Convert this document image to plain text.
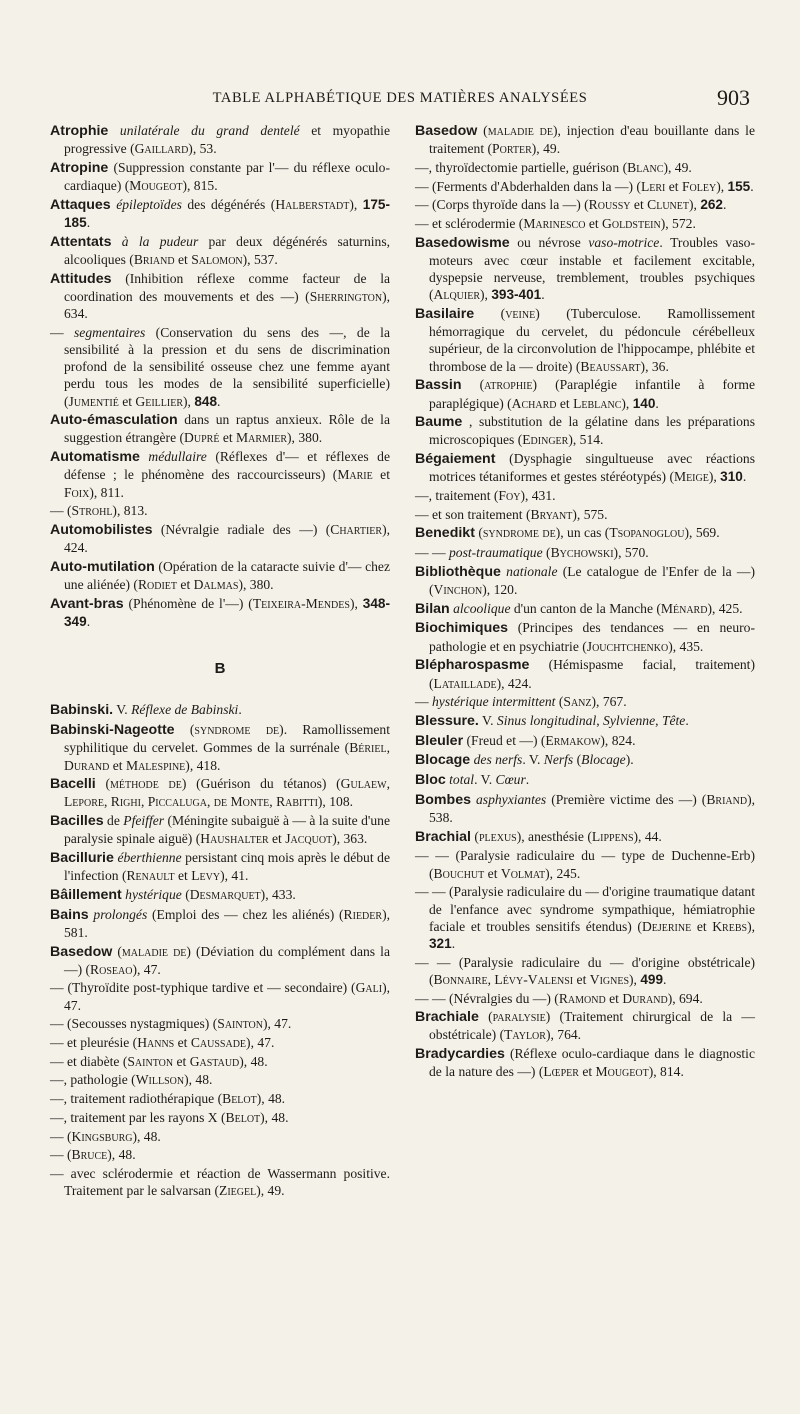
TABLE ALPHABÉTIQUE DES MATIÈRES ANALYSÉES	903

Atrophie unilatérale du grand dentelé et myopathie progressive (Gaillard), 53.

Atropine (Suppression constante par l'— du réflexe oculo-cardiaque) (Mougeot), 815.

Attaques épileptoïdes des dégénérés (Halberstadt), 175-185.

Attentats à la pudeur par deux dégénérés saturnins, alcooliques (Briand et Salomon), 537.

Attitudes (Inhibition réflexe comme facteur de la coordination des mouvements et des —) (Sherrington), 634.

— segmentaires (Conservation du sens des —, de la sensibilité à la pression et du sens de discrimination profond de la sensibilité osseuse chez une femme ayant perdu tous les modes de la sensibilité superficielle) (Jumentié et Geillier), 848.

Auto-émasculation dans un raptus anxieux. Rôle de la suggestion étrangère (Dupré et Marmier), 380.

Automatisme médullaire (Réflexes d'— et réflexes de défense ; le phénomène des raccourcisseurs) (Marie et Foix), 811.

— (Strohl), 813.

Automobilistes (Névralgie radiale des —) (Chartier), 424.

Auto-mutilation (Opération de la cataracte suivie d'— chez une aliénée) (Rodiet et Dalmas), 380.

Avant-bras (Phénomène de l'—) (Teixeira-Mendes), 348-349.

B

Babinski. V. Réflexe de Babinski.

Babinski-Nageotte (syndrome de). Ramollissement syphilitique du cervelet. Gommes de la surrénale (Bériel, Durand et Malespine), 418.

Bacelli (méthode de) (Guérison du tétanos) (Gulaew, Lepore, Righi, Piccaluga, de Monte, Rabitti), 108.

Bacilles de Pfeiffer (Méningite subaiguë à — à la suite d'une paralysie spinale aiguë) (Haushalter et Jacquot), 363.

Bacillurie éberthienne persistant cinq mois après le début de l'infection (Renault et Levy), 41.

Bâillement hystérique (Desmarquet), 433.

Bains prolongés (Emploi des — chez les aliénés) (Rieder), 581.

Basedow (maladie de) (Déviation du complément dans la —) (Roseao), 47.

— (Thyroïdite post-typhique tardive et — secondaire) (Gali), 47.

— (Secousses nystagmiques) (Sainton), 47.

— et pleurésie (Hanns et Caussade), 47.

— et diabète (Sainton et Gastaud), 48.

—, pathologie (Willson), 48.

—, traitement radiothérapique (Belot), 48.

—, traitement par les rayons X (Belot), 48.

— (Kingsburg), 48.

— (Bruce), 48.

— avec sclérodermie et réaction de Wassermann positive. Traitement par le salvarsan (Ziegel), 49.

Basedow (maladie de), injection d'eau bouillante dans le traitement (Porter), 49.

—, thyroïdectomie partielle, guérison (Blanc), 49.

— (Ferments d'Abderhalden dans la —) (Leri et Foley), 155.

— (Corps thyroïde dans la —) (Roussy et Clunet), 262.

— et sclérodermie (Marinesco et Goldstein), 572.

Basedowisme ou névrose vaso-motrice. Troubles vaso-moteurs avec cœur instable et facilement excitable, dyspepsie nerveuse, tremblement, troubles psychiques (Alquier), 393-401.

Basilaire (veine) (Tuberculose. Ramollissement hémorragique du cervelet, du pédoncule cérébelleux supérieur, de la circonvolution de l'hippocampe, phlébite et thrombose de la — droite) (Beaussart), 36.

Bassin (atrophie) (Paraplégie infantile à forme paraplégique) (Achard et Leblanc), 140.

Baume , substitution de la gélatine dans les préparations microscopiques (Edinger), 514.

Bégaiement (Dysphagie singultueuse avec réactions motrices tétaniformes et gestes stéréotypés) (Meige), 310.

—, traitement (Foy), 431.

— et son traitement (Bryant), 575.

Benedikt (syndrome de), un cas (Tsopanoglou), 569.

— — post-traumatique (Bychowski), 570.

Bibliothèque nationale (Le catalogue de l'Enfer de la —) (Vinchon), 120.

Bilan alcoolique d'un canton de la Manche (Ménard), 425.

Biochimiques (Principes des tendances — en neuro-pathologie et en psychiatrie (Jouchtchenko), 435.

Blépharospasme (Hémispasme facial, traitement) (Lataillade), 424.

— hystérique intermittent (Sanz), 767.

Blessure. V. Sinus longitudinal, Sylvienne, Tête.

Bleuler (Freud et —) (Ermakow), 824.

Blocage des nerfs. V. Nerfs (Blocage).

Bloc total. V. Cœur.

Bombes asphyxiantes (Première victime des —) (Briand), 538.

Brachial (plexus), anesthésie (Lippens), 44.

— — (Paralysie radiculaire du — type de Duchenne-Erb) (Bouchut et Volmat), 245.

— — (Paralysie radiculaire du — d'origine traumatique datant de l'enfance avec syndrome sympathique, hémiatrophie faciale et troubles sensitifs étendus) (Dejerine et Krebs), 321.

— — (Paralysie radiculaire du — d'origine obstétricale) (Bonnaire, Lévy-Valensi et Vignes), 499.

— — (Névralgies du —) (Ramond et Durand), 694.

Brachiale (paralysie) (Traitement chirurgical de la — obstétricale) (Taylor), 764.

Bradycardies (Réflexe oculo-cardiaque dans le diagnostic de la nature des —) (Lœper et Mougeot), 814.
